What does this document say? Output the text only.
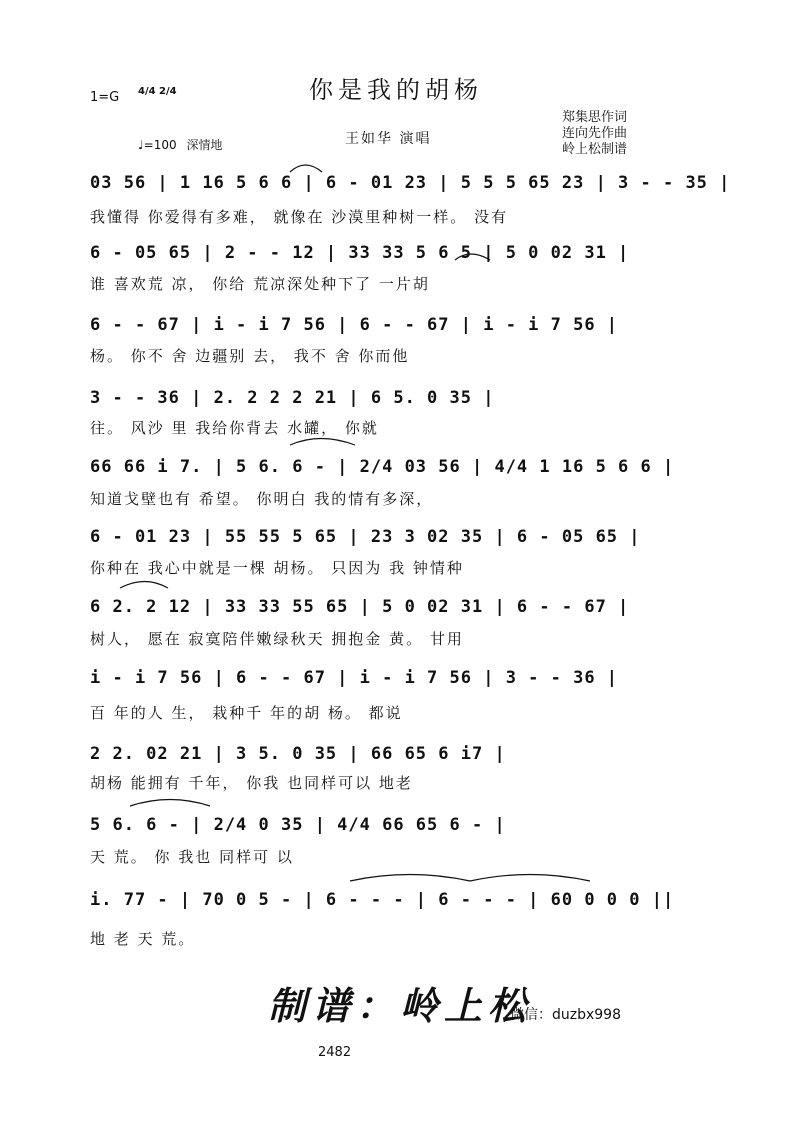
你是我的胡杨
1=G 4/4 2/4
♩=100 深情地	王如华 演唱
郑集思作词
连向先作曲
岭上松制谱
03 56 | 1 16 5 6 6 | 6 - 01 23 | 5 5 5 65 23 | 3 - - 35 |
我懂得 你爱得有多难， 就像在 沙漠里种树一样。 没有
6 - 05 65 | 2 - - 12 | 33 33 5 6 5 | 5 0 02 31 |
谁 喜欢荒 凉， 你给 荒凉深处种下了 一片胡
6 - - 67 | i - i 7 56 | 6 - - 67 | i - i 7 56 |
杨。 你不 舍 边疆别 去， 我不 舍 你而他
3 - - 36 | 2. 2 2 2 21 | 6 5. 0 35 |
往。 风沙 里 我给你背去 水罐， 你就
66 66 i 7. | 5 6. 6 - | 2/4 03 56 | 4/4 1 16 5 6 6 |
知道戈壁也有 希望。 你明白 我的情有多深，
6 - 01 23 | 55 55 5 65 | 23 3 02 35 | 6 - 05 65 |
你种在 我心中就是一棵 胡杨。 只因为 我 钟情种
6 2. 2 12 | 33 33 55 65 | 5 0 02 31 | 6 - - 67 |
树人， 愿在 寂寞陪伴嫩绿秋天 拥抱金 黄。 甘用
i - i 7 56 | 6 - - 67 | i - i 7 56 | 3 - - 36 |
百 年的人 生， 栽种千 年的胡 杨。 都说
2 2. 02 21 | 3 5. 0 35 | 66 65 6 i7 |
胡杨 能拥有 千年， 你我 也同样可以 地老
5 6. 6 - | 2/4 0 35 | 4/4 66 65 6 - |
天 荒。 你 我也 同样可 以
i. 77 - | 70 0 5 - | 6 - - - | 6 - - - | 60 0 0 0 ||
地 老 天 荒。
制谱：岭上松
微信：duzbx998
2482
